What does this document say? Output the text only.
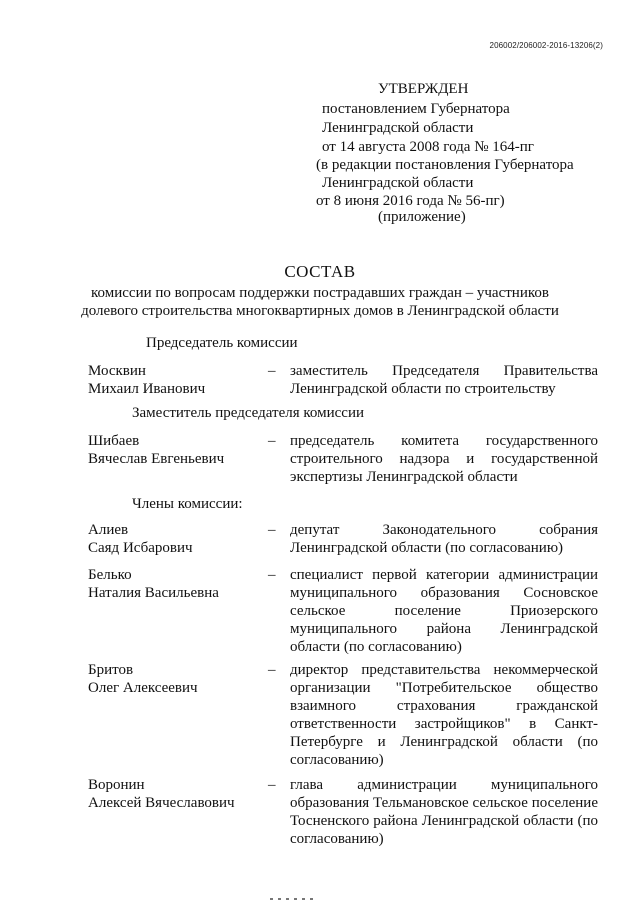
206002/206002-2016-13206(2)
УТВЕРЖДЕН
постановлением Губернатора
Ленинградской области
от 14 августа 2008 года № 164-пг
(в редакции постановления Губернатора
Ленинградской области
от 8 июня 2016 года № 56-пг)
(приложение)
СОСТАВ
комиссии по вопросам поддержки пострадавших граждан – участников
долевого строительства многоквартирных домов в Ленинградской области
Председатель комиссии
Москвин
Михаил Иванович
– заместитель Председателя Правительства Ленинградской области по строительству
Заместитель председателя комиссии
Шибаев
Вячеслав Евгеньевич
– председатель комитета государственного строительного надзора и государственной экспертизы Ленинградской области
Члены комиссии:
Алиев
Саяд Исбарович
– депутат Законодательного собрания Ленинградской области (по согласованию)
Белько
Наталия Васильевна
– специалист первой категории администрации муниципального образования Сосновское сельское поселение Приозерского муниципального района Ленинградской области (по согласованию)
Бритов
Олег Алексеевич
– директор представительства некоммерческой организации "Потребительское общество взаимного страхования гражданской ответственности застройщиков" в Санкт-Петербурге и Ленинградской области (по согласованию)
Воронин
Алексей Вячеславович
– глава администрации муниципального образования Тельмановское сельское поселение Тосненского района Ленинградской области (по согласованию)
